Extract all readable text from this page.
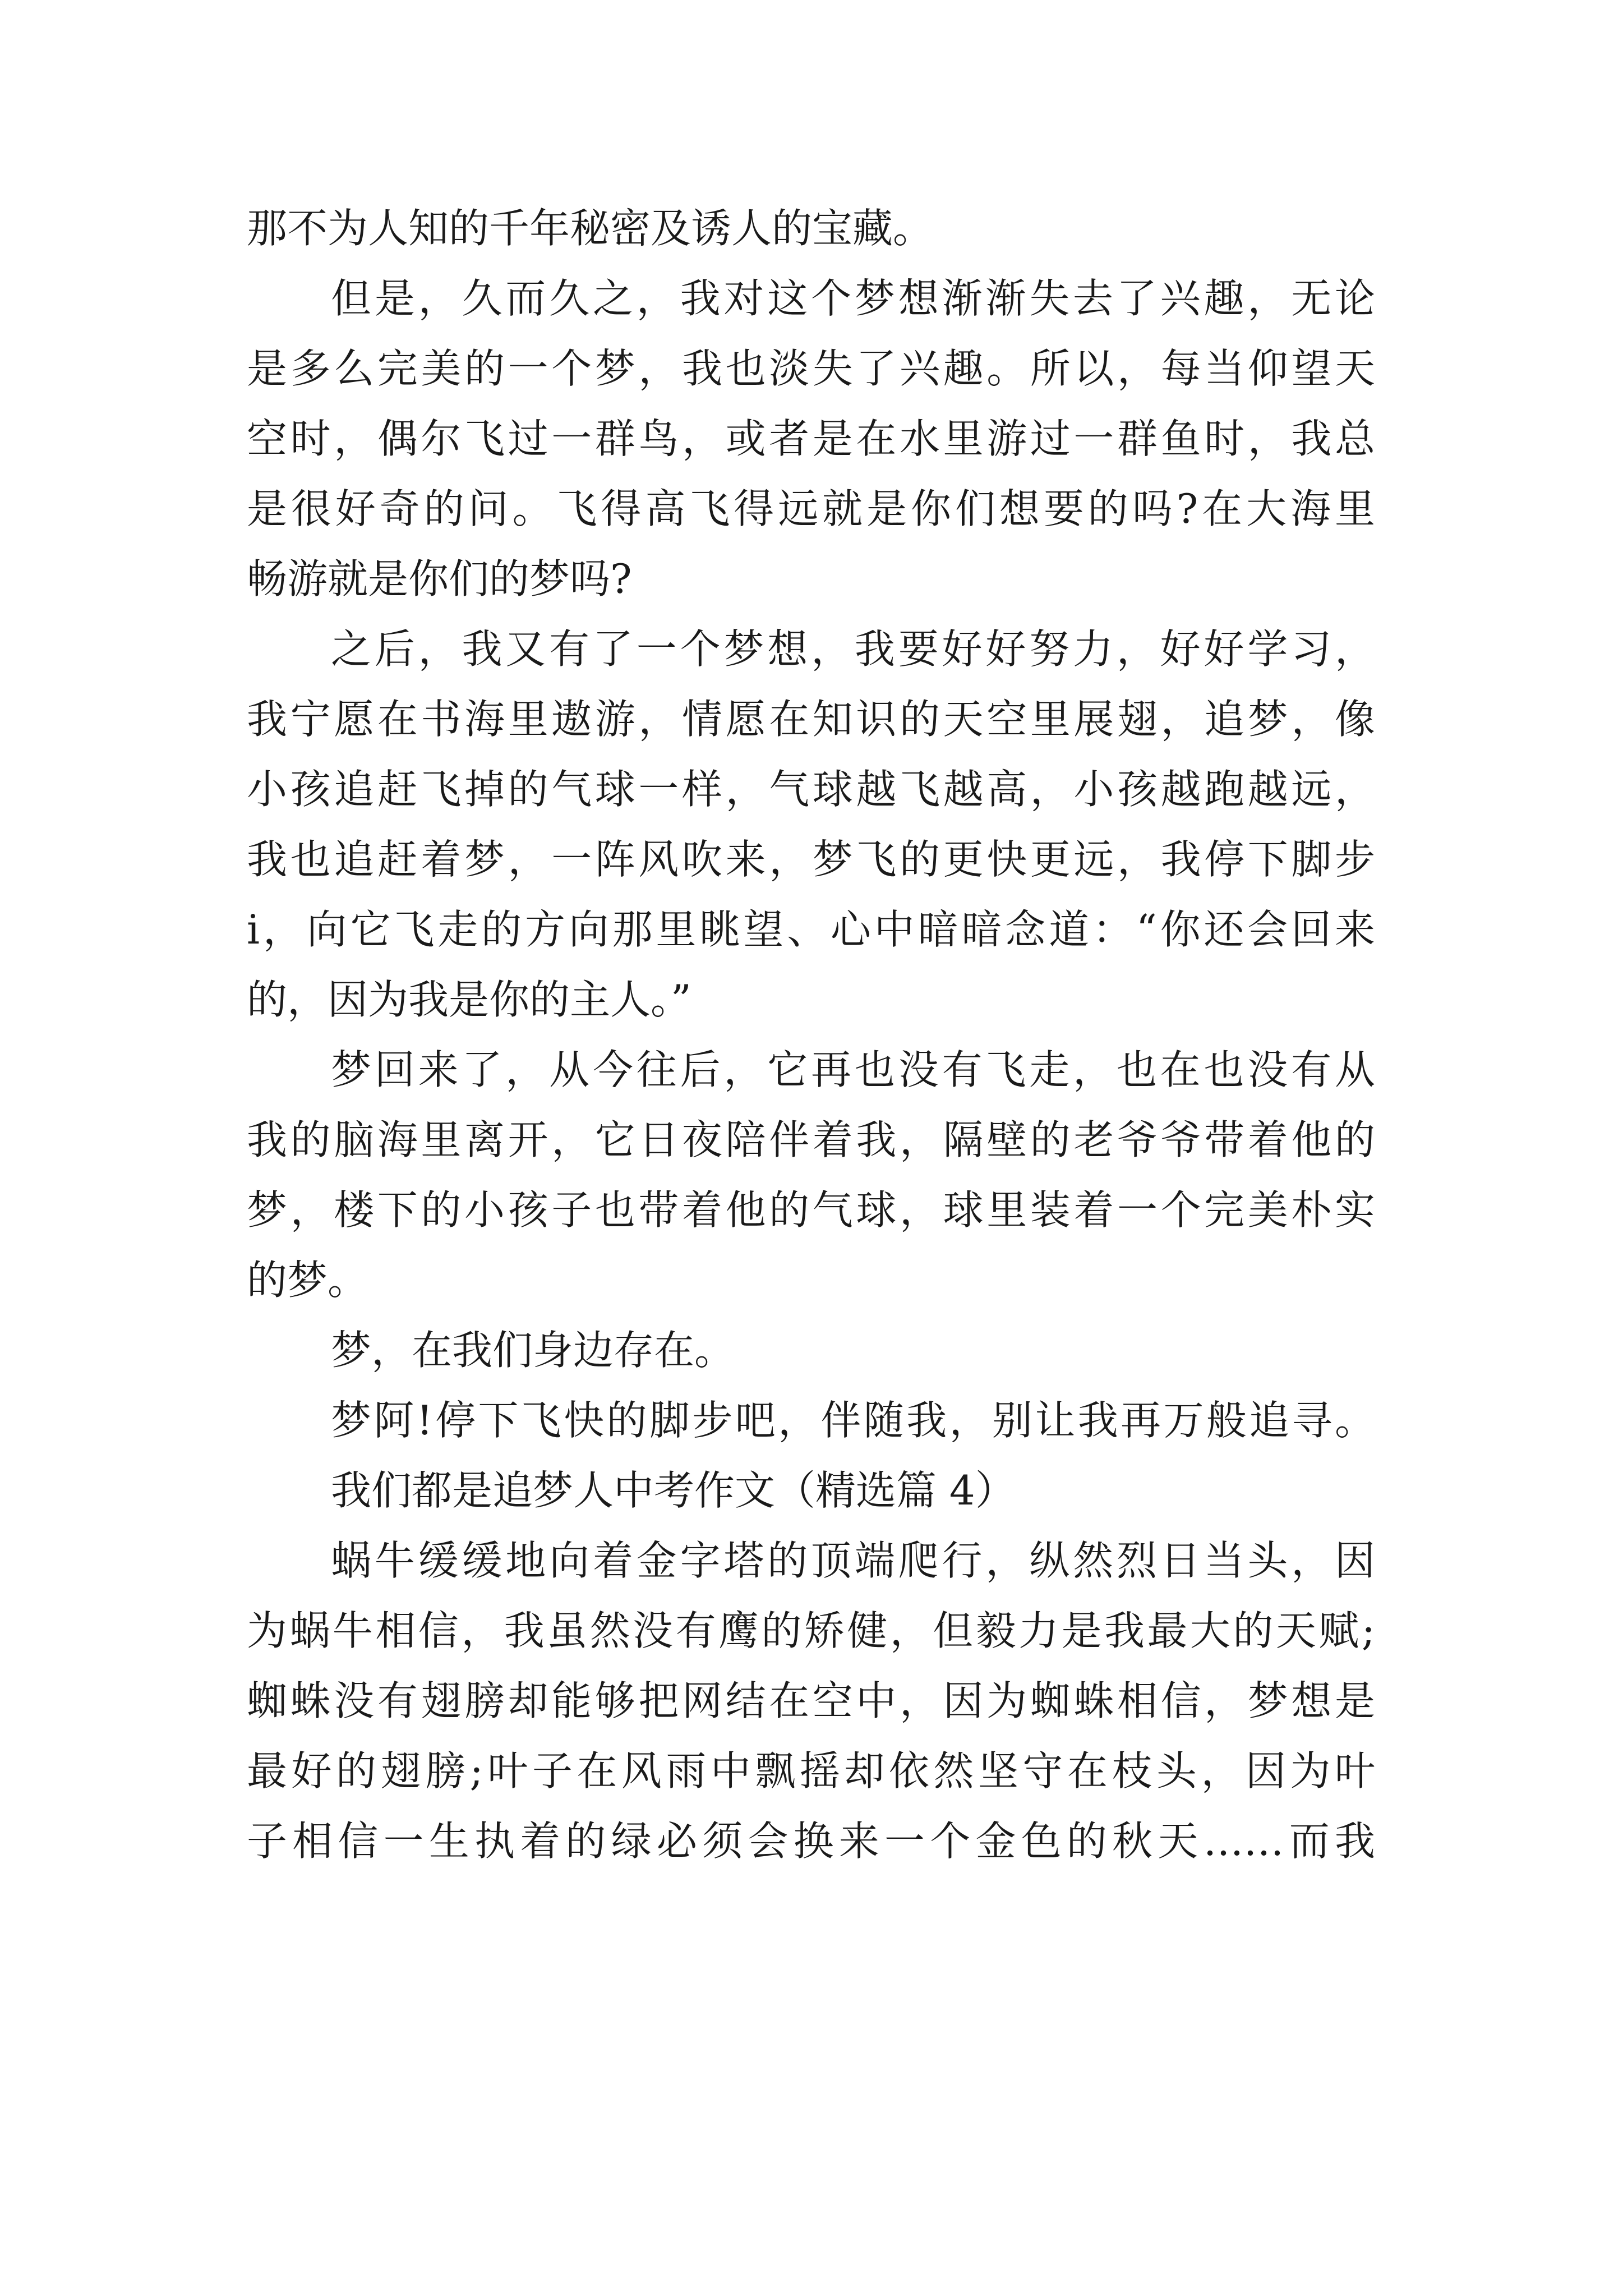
那不为人知的千年秘密及诱人的宝藏。
但是，久而久之，我对这个梦想渐渐失去了兴趣，无论
是多么完美的一个梦，我也淡失了兴趣。所以，每当仰望天
空时，偶尔飞过一群鸟，或者是在水里游过一群鱼时，我总
是很好奇的问。飞得高飞得远就是你们想要的吗?在大海里
畅游就是你们的梦吗?
之后，我又有了一个梦想，我要好好努力，好好学习，
我宁愿在书海里遨游，情愿在知识的天空里展翅，追梦，像
小孩追赶飞掉的气球一样，气球越飞越高，小孩越跑越远，
我也追赶着梦，一阵风吹来，梦飞的更快更远，我停下脚步
i，向它飞走的方向那里眺望、心中暗暗念道：“你还会回来
的，因为我是你的主人。”
梦回来了，从今往后，它再也没有飞走，也在也没有从
我的脑海里离开，它日夜陪伴着我，隔壁的老爷爷带着他的
梦，楼下的小孩子也带着他的气球，球里装着一个完美朴实
的梦。
梦，在我们身边存在。
梦阿!停下飞快的脚步吧，伴随我，别让我再万般追寻。
我们都是追梦人中考作文（精选篇 4）
蜗牛缓缓地向着金字塔的顶端爬行，纵然烈日当头，因
为蜗牛相信，我虽然没有鹰的矫健，但毅力是我最大的天赋;
蜘蛛没有翅膀却能够把网结在空中，因为蜘蛛相信，梦想是
最好的翅膀;叶子在风雨中飘摇却依然坚守在枝头，因为叶
子相信一生执着的绿必须会换来一个金色的秋天……而我
